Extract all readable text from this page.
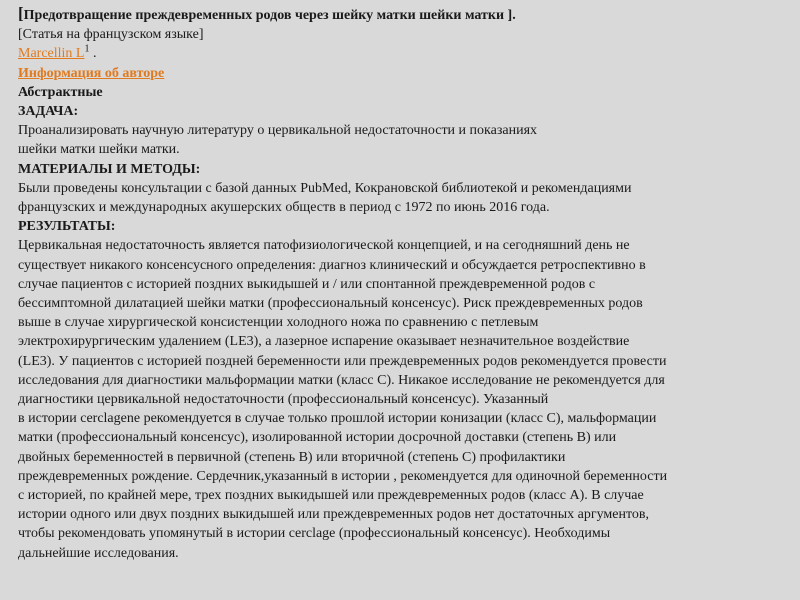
[Предотвращение преждевременных родов через шейку матки шейки матки ].
[Статья на французском языке]
Marcellin $L^1$ .
Информация об авторе
Абстрактные
ЗАДАЧА:
Проанализировать научную литературу о цервикальной недостаточности и показаниях
шейки матки шейки матки.
МАТЕРИАЛЫ И МЕТОДЫ:
Были проведены консультации с базой данных PubMed, Кокрановской библиотекой и рекомендациями
французских и международных акушерских обществ в период с 1972 по июнь 2016 года.
РЕЗУЛЬТАТЫ:
Цервикальная недостаточность является патофизиологической концепцией, и на сегодняшний день не
существует никакого консенсусного определения: диагноз клинический и обсуждается ретроспективно в
случае пациентов с историей поздних выкидышей и / или спонтанной преждевременной родов с
бессимптомной дилатацией шейки матки (профессиональный консенсус). Риск преждевременных родов
выше в случае хирургической консистенции холодного ножа по сравнению с петлевым
электрохирургическим удалением (LE3), а лазерное испарение оказывает незначительное воздействие
(LE3). У пациентов с историей поздней беременности или преждевременных родов рекомендуется провести
исследования для диагностики мальформации матки (класс C). Никакое исследование не рекомендуется для
диагностики цервикальной недостаточности (профессиональный консенсус). Указанный
в истории cerclagene рекомендуется в случае только прошлой истории конизации (класс C), мальформации
матки (профессиональный консенсус), изолированной истории досрочной доставки (степень B) или
двойных беременностей в первичной (степень B) или вторичной (степень C) профилактики
преждевременных рождение. Сердечник,указанный в истории , рекомендуется для одиночной беременности
с историей, по крайней мере, трех поздних выкидышей или преждевременных родов (класс A). В случае
истории одного или двух поздних выкидышей или преждевременных родов нет достаточных аргументов,
чтобы рекомендовать упомянутый в истории cerclage (профессиональный консенсус). Необходимы
дальнейшие исследования.
